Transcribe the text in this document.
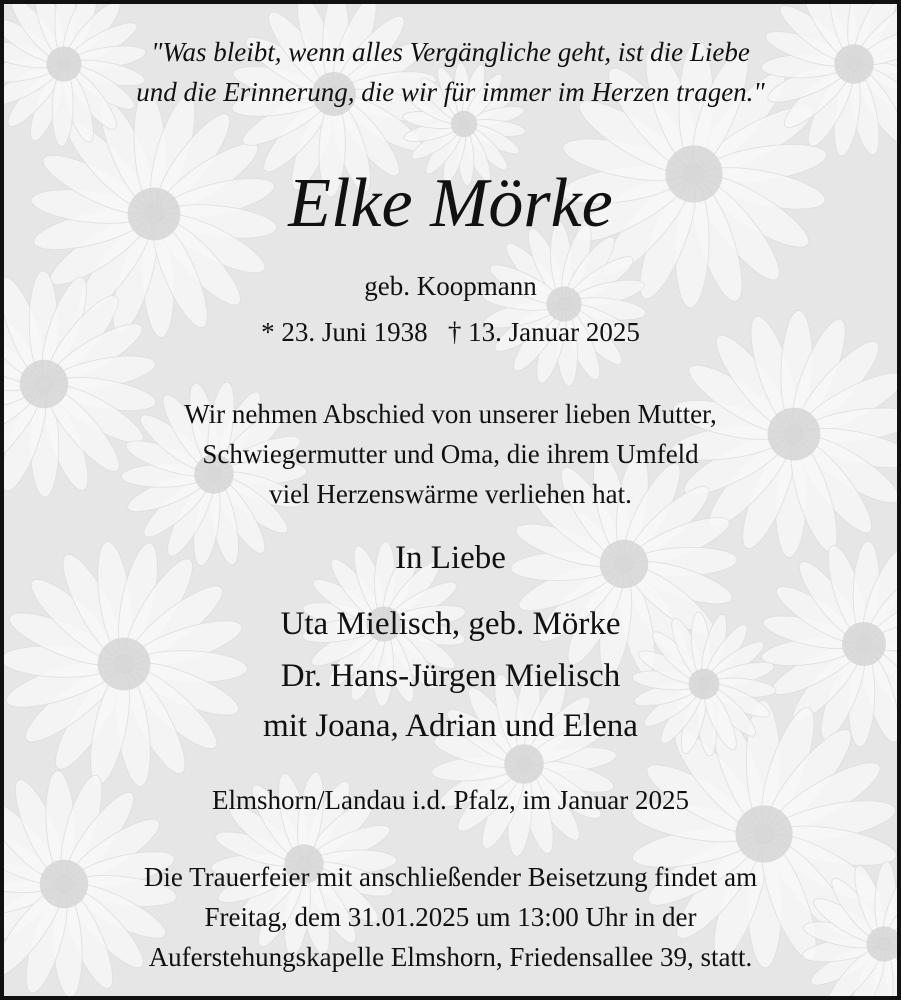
"Was bleibt, wenn alles Vergängliche geht, ist die Liebe
und die Erinnerung, die wir für immer im Herzen tragen."
Elke Mörke
geb. Koopmann
* 23. Juni 1938   † 13. Januar 2025
Wir nehmen Abschied von unserer lieben Mutter,
Schwiegermutter und Oma, die ihrem Umfeld
viel Herzenswärme verliehen hat.
In Liebe
Uta Mielisch, geb. Mörke
Dr. Hans-Jürgen Mielisch
mit Joana, Adrian und Elena
Elmshorn/Landau i.d. Pfalz, im Januar 2025
Die Trauerfeier mit anschließender Beisetzung findet am
Freitag, dem 31.01.2025 um 13:00 Uhr in der
Auferstehungskapelle Elmshorn, Friedensallee 39, statt.
